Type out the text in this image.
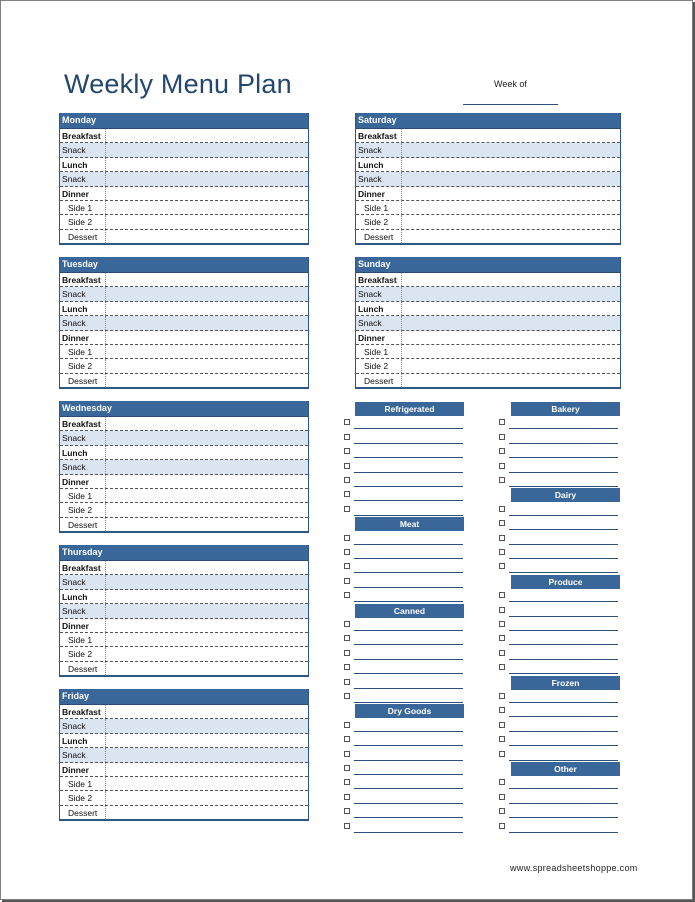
Weekly Menu Plan	Week of
Monday
Breakfast
Snack
Lunch
Snack
Dinner
Side 1
Side 2
Dessert
Tuesday
Breakfast
Snack
Lunch
Snack
Dinner
Side 1
Side 2
Dessert
Wednesday
Breakfast
Snack
Lunch
Snack
Dinner
Side 1
Side 2
Dessert
Thursday
Breakfast
Snack
Lunch
Snack
Dinner
Side 1
Side 2
Dessert
Friday
Breakfast
Snack
Lunch
Snack
Dinner
Side 1
Side 2
Dessert
Saturday
Breakfast
Snack
Lunch
Snack
Dinner
Side 1
Side 2
Dessert
Sunday
Breakfast
Snack
Lunch
Snack
Dinner
Side 1
Side 2
Dessert
Refrigerated
Meat
Canned
Dry Goods
Bakery
Dairy
Produce
Frozen
Other
www.spreadsheetshoppe.com
